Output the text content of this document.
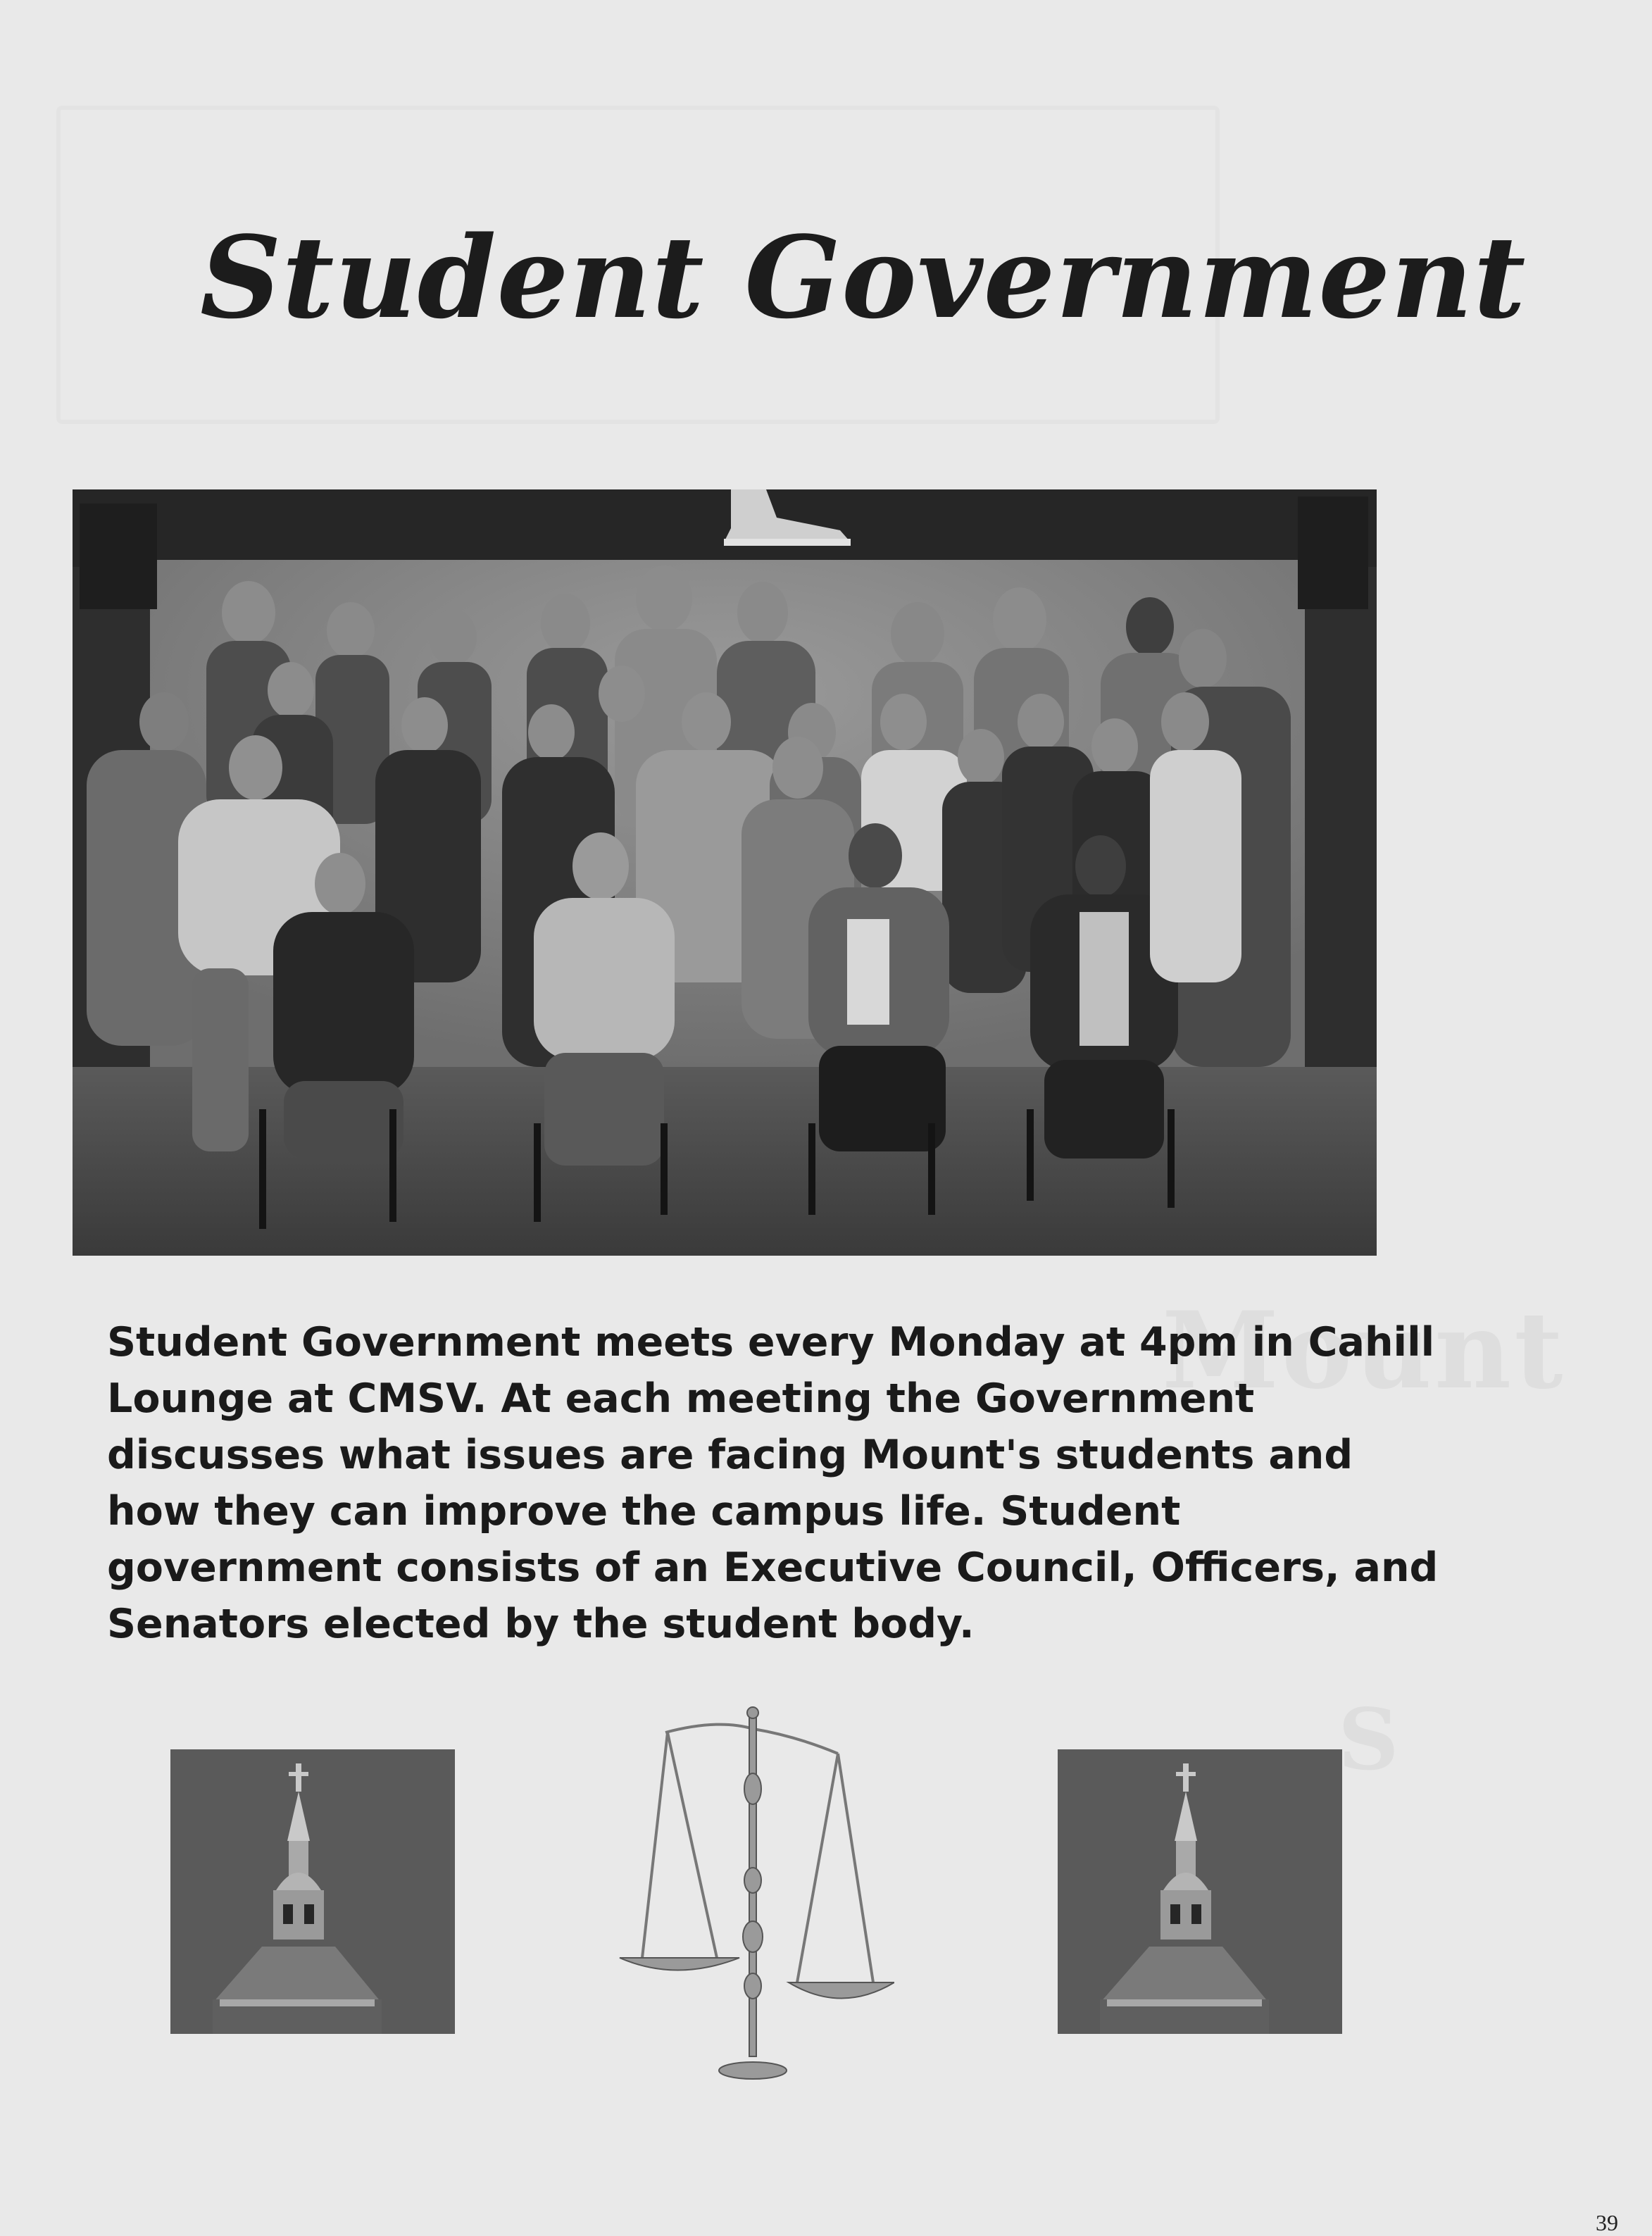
Student Government

Student Government meets every Monday at 4pm in Cahill Lounge at CMSV. At each meeting the Government discusses what issues are facing Mount's students and how they can improve the campus life. Student government consists of an Executive Council, Officers, and Senators elected by the student body.

39
